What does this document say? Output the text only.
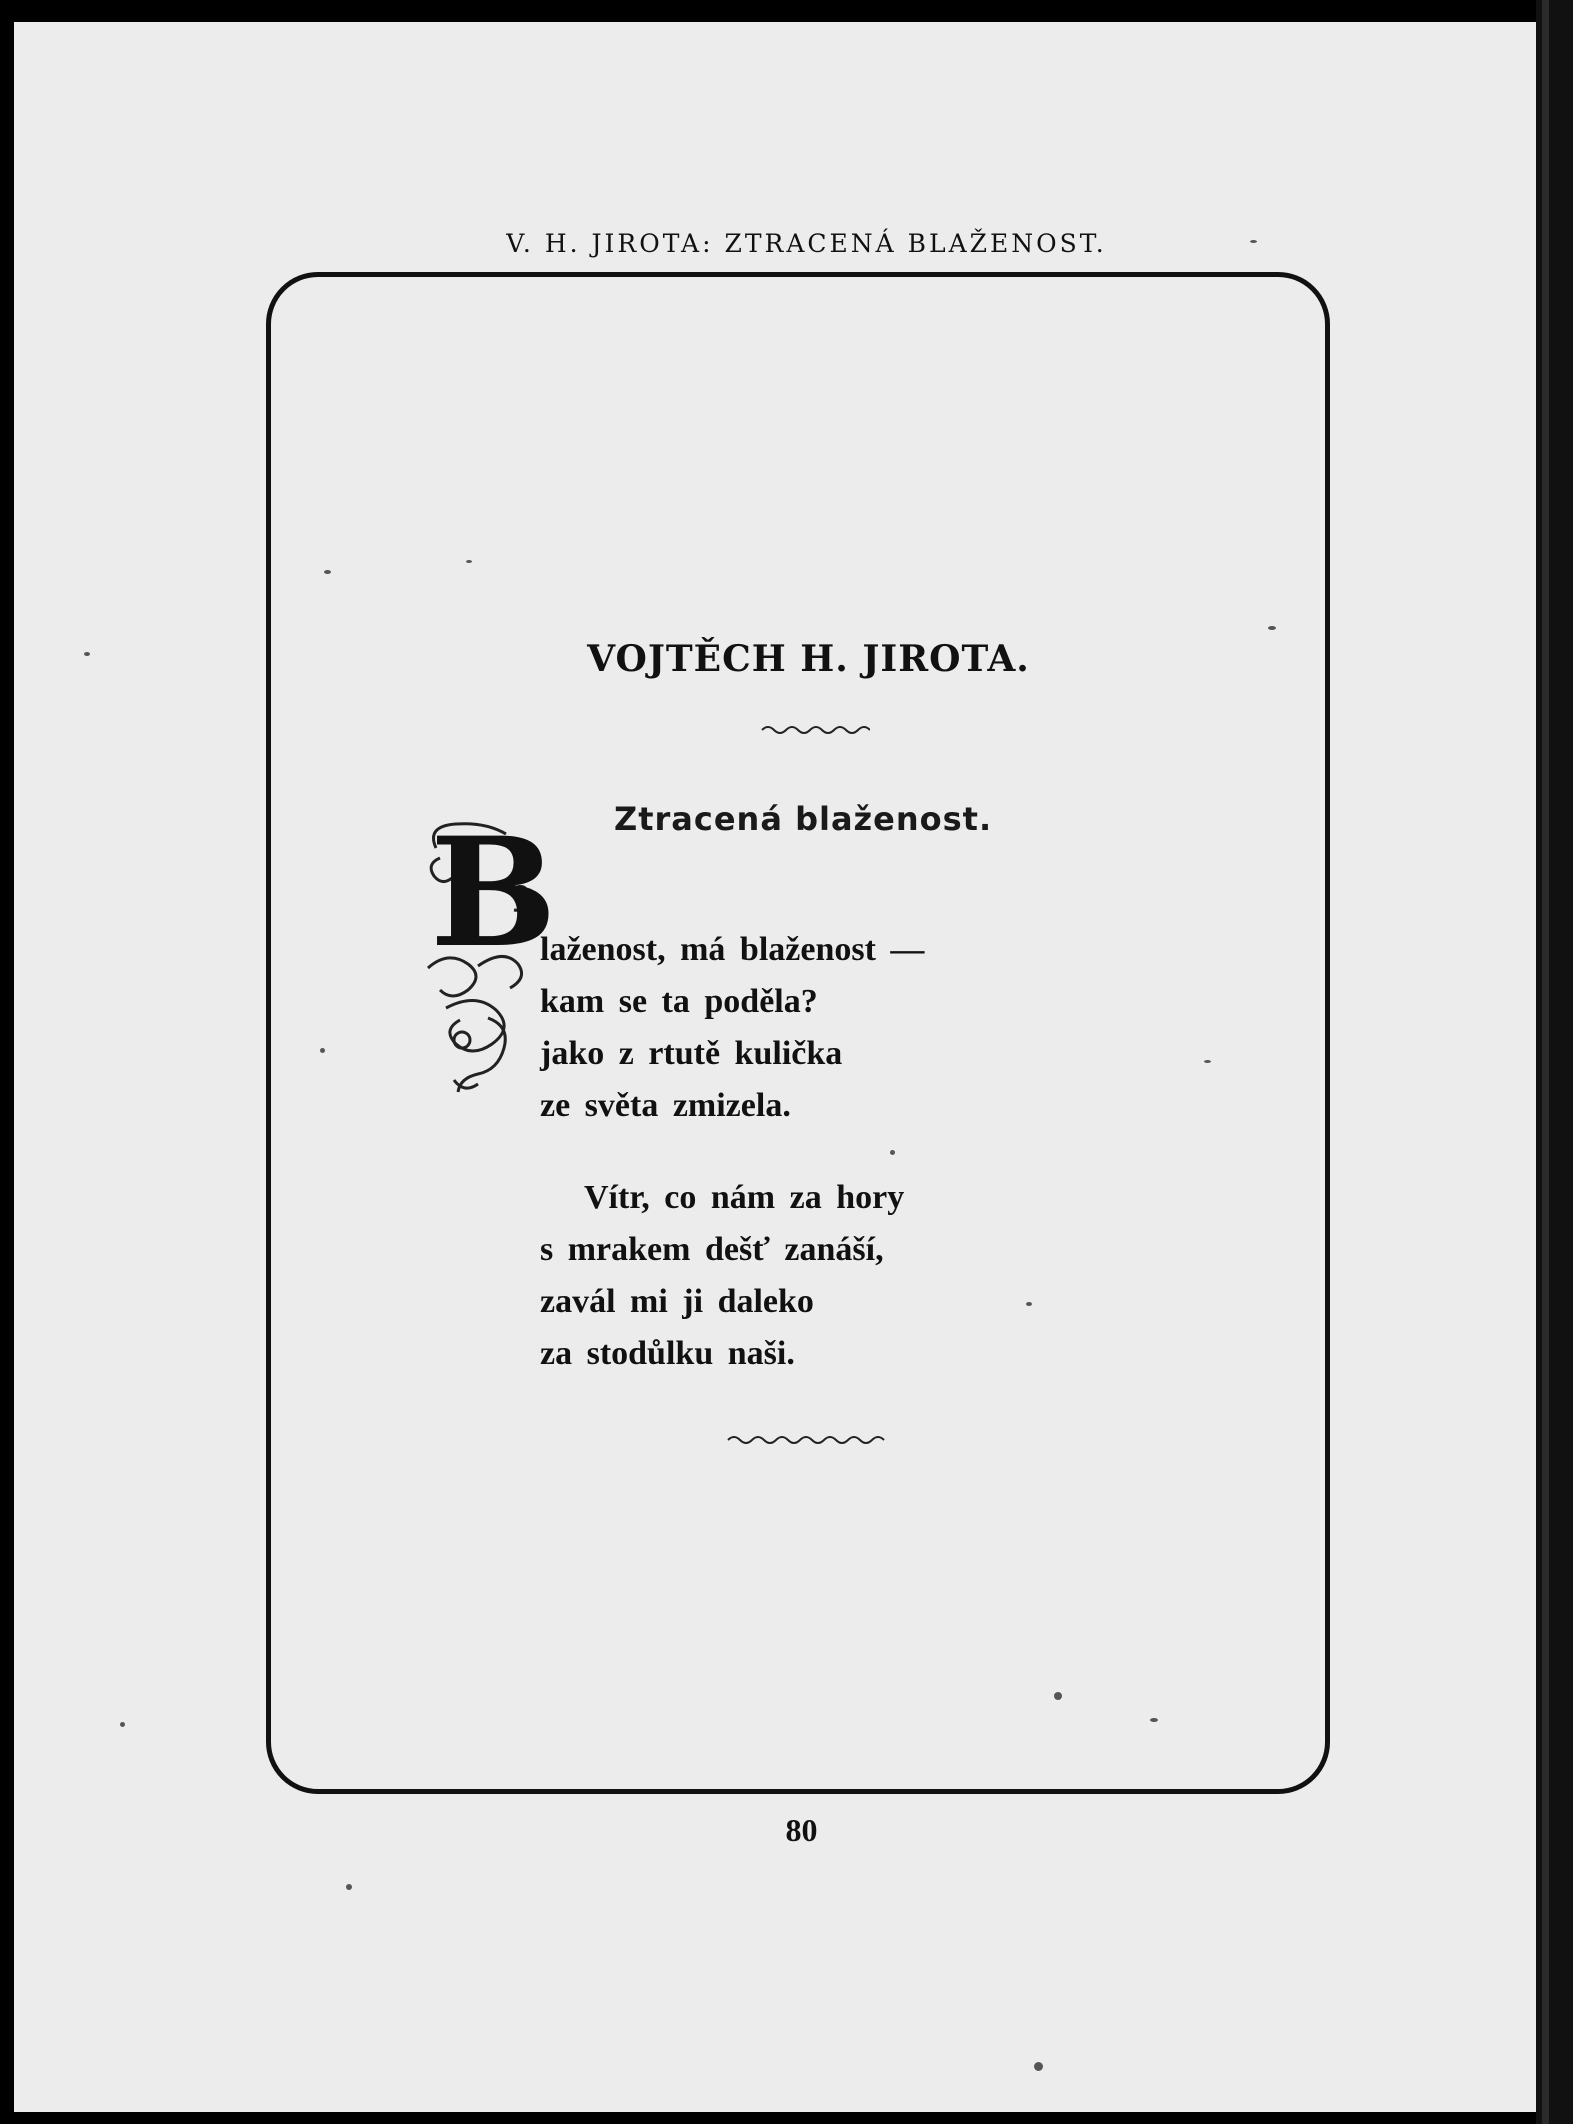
V. H. JIROTA: ZTRACENÁ BLAŽENOST.
VOJTĚCH H. JIROTA.
Ztracená blaženost.
B
laženost, má blaženost —
kam se ta poděla?
jako z rtutě kulička
ze světa zmizela.
Vítr, co nám za hory
s mrakem dešť zanáší,
zavál mi ji daleko
za stodůlku naši.
80
